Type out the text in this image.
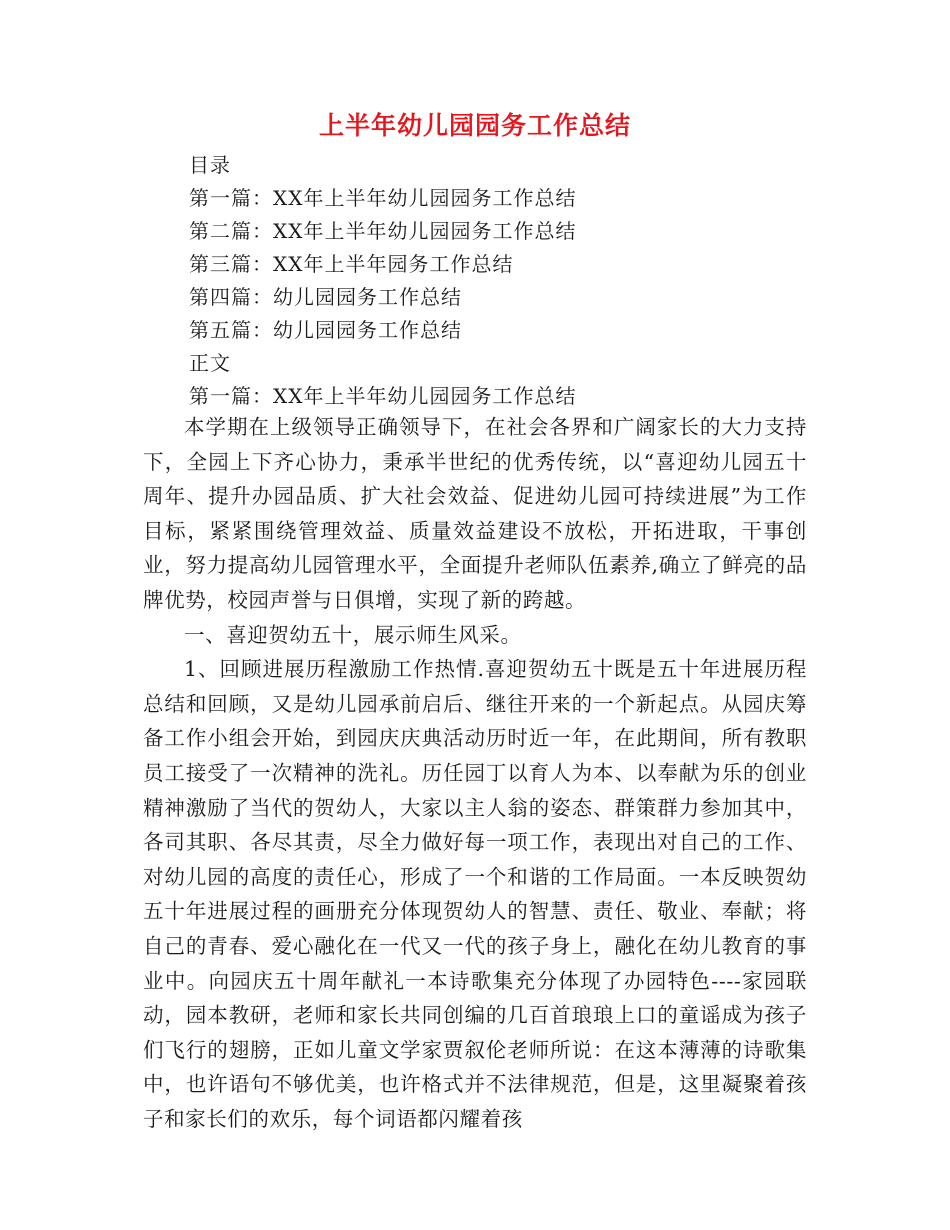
上半年幼儿园园务工作总结
目录
第一篇：XX年上半年幼儿园园务工作总结
第二篇：XX年上半年幼儿园园务工作总结
第三篇：XX年上半年园务工作总结
第四篇：幼儿园园务工作总结
第五篇：幼儿园园务工作总结
正文
第一篇：XX年上半年幼儿园园务工作总结

本学期在上级领导正确领导下，在社会各界和广阔家长的大力支持下，全园上下齐心协力，秉承半世纪的优秀传统，以“喜迎幼儿园五十周年、提升办园品质、扩大社会效益、促进幼儿园可持续进展”为工作目标，紧紧围绕管理效益、质量效益建设不放松，开拓进取，干事创业，努力提高幼儿园管理水平，全面提升老师队伍素养,确立了鲜亮的品牌优势，校园声誉与日俱增，实现了新的跨越。

一、喜迎贺幼五十，展示师生风采。

1、回顾进展历程激励工作热情.喜迎贺幼五十既是五十年进展历程总结和回顾，又是幼儿园承前启后、继往开来的一个新起点。从园庆筹备工作小组会开始，到园庆庆典活动历时近一年，在此期间，所有教职员工接受了一次精神的洗礼。历任园丁以育人为本、以奉献为乐的创业精神激励了当代的贺幼人，大家以主人翁的姿态、群策群力参加其中，各司其职、各尽其责，尽全力做好每一项工作，表现出对自己的工作、对幼儿园的高度的责任心，形成了一个和谐的工作局面。一本反映贺幼五十年进展过程的画册充分体现贺幼人的智慧、责任、敬业、奉献；将自己的青春、爱心融化在一代又一代的孩子身上，融化在幼儿教育的事业中。向园庆五十周年献礼一本诗歌集充分体现了办园特色----家园联动，园本教研，老师和家长共同创编的几百首琅琅上口的童谣成为孩子们飞行的翅膀，正如儿童文学家贾叙伦老师所说：在这本薄薄的诗歌集中，也许语句不够优美，也许格式并不法律规范，但是，这里凝聚着孩子和家长们的欢乐，每个词语都闪耀着孩
